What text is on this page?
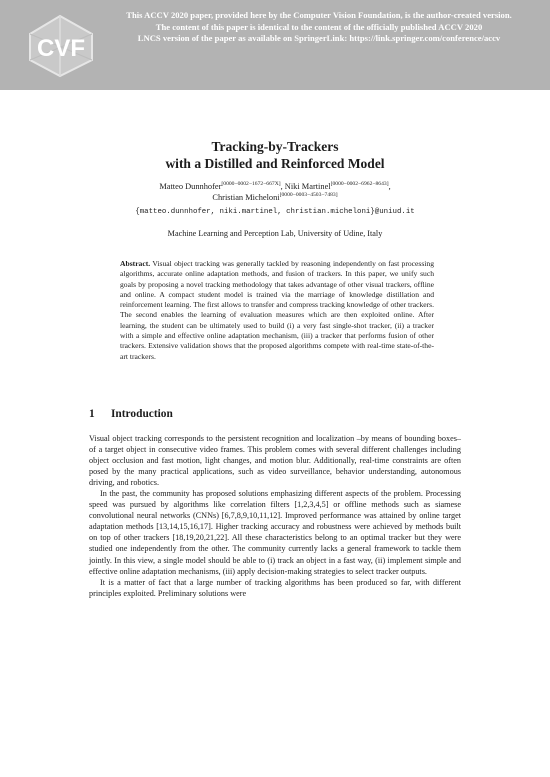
CVF
This ACCV 2020 paper, provided here by the Computer Vision Foundation, is the author-created version.
The content of this paper is identical to the content of the officially published ACCV 2020
LNCS version of the paper as available on SpringerLink: https://link.springer.com/conference/accv
Tracking-by-Trackers
with a Distilled and Reinforced Model
Matteo Dunnhofer[0000−0002−1672−667X], Niki Martinel[0000−0002−6962−8643],
Christian Micheloni[0000−0003−4503−7483]
{matteo.dunnhofer, niki.martinel, christian.micheloni}@uniud.it
Machine Learning and Perception Lab, University of Udine, Italy
Abstract. Visual object tracking was generally tackled by reasoning independently on fast processing algorithms, accurate online adaptation methods, and fusion of trackers. In this paper, we unify such goals by proposing a novel tracking methodology that takes advantage of other visual trackers, offline and online. A compact student model is trained via the marriage of knowledge distillation and reinforcement learning. The first allows to transfer and compress tracking knowledge of other trackers. The second enables the learning of evaluation measures which are then exploited online. After learning, the student can be ultimately used to build (i) a very fast single-shot tracker, (ii) a tracker with a simple and effective online adaptation mechanism, (iii) a tracker that performs fusion of other trackers. Extensive validation shows that the proposed algorithms compete with real-time state-of-the-art trackers.
1 Introduction

Visual object tracking corresponds to the persistent recognition and localization –by means of bounding boxes– of a target object in consecutive video frames. This problem comes with several different challenges including object occlusion and fast motion, light changes, and motion blur. Additionally, real-time constraints are often posed by the many practical applications, such as video surveillance, behavior understanding, autonomous driving, and robotics.

In the past, the community has proposed solutions emphasizing different aspects of the problem. Processing speed was pursued by algorithms like correlation filters [1,2,3,4,5] or offline methods such as siamese convolutional neural networks (CNNs) [6,7,8,9,10,11,12]. Improved performance was attained by online target adaptation methods [13,14,15,16,17]. Higher tracking accuracy and robustness were achieved by methods built on top of other trackers [18,19,20,21,22]. All these characteristics belong to an optimal tracker but they were studied one independently from the other. The community currently lacks a general framework to tackle them jointly. In this view, a single model should be able to (i) track an object in a fast way, (ii) implement simple and effective online adaptation mechanisms, (iii) apply decision-making strategies to select tracker outputs.

It is a matter of fact that a large number of tracking algorithms has been produced so far, with different principles exploited. Preliminary solutions were
